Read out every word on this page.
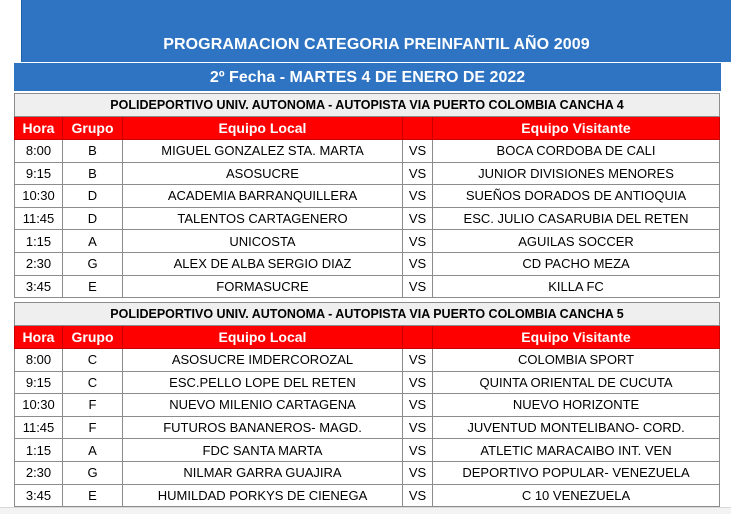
PROGRAMACION CATEGORIA PREINFANTIL AÑO 2009
2º Fecha - MARTES 4 DE ENERO DE 2022
POLIDEPORTIVO UNIV. AUTONOMA - AUTOPISTA VIA PUERTO COLOMBIA CANCHA 4				
Hora	Grupo	Equipo Local		Equipo Visitante
8:00	B	MIGUEL GONZALEZ STA. MARTA	VS	BOCA CORDOBA DE CALI
9:15	B	ASOSUCRE	VS	JUNIOR DIVISIONES MENORES
10:30	D	ACADEMIA BARRANQUILLERA	VS	SUEÑOS DORADOS DE ANTIOQUIA
11:45	D	TALENTOS CARTAGENERO	VS	ESC. JULIO CASARUBIA DEL RETEN
1:15	A	UNICOSTA	VS	AGUILAS SOCCER
2:30	G	ALEX DE ALBA SERGIO DIAZ	VS	CD PACHO MEZA
3:45	E	FORMASUCRE	VS	KILLA FC
POLIDEPORTIVO UNIV. AUTONOMA - AUTOPISTA VIA PUERTO COLOMBIA CANCHA 5				
Hora	Grupo	Equipo Local		Equipo Visitante
8:00	C	ASOSUCRE IMDERCOROZAL	VS	COLOMBIA SPORT
9:15	C	ESC.PELLO LOPE DEL RETEN	VS	QUINTA ORIENTAL DE CUCUTA
10:30	F	NUEVO MILENIO CARTAGENA	VS	NUEVO HORIZONTE
11:45	F	FUTUROS BANANEROS- MAGD.	VS	JUVENTUD MONTELIBANO- CORD.
1:15	A	FDC SANTA MARTA	VS	ATLETIC MARACAIBO INT. VEN
2:30	G	NILMAR GARRA GUAJIRA	VS	DEPORTIVO POPULAR- VENEZUELA
3:45	E	HUMILDAD PORKYS DE CIENEGA	VS	C 10 VENEZUELA
